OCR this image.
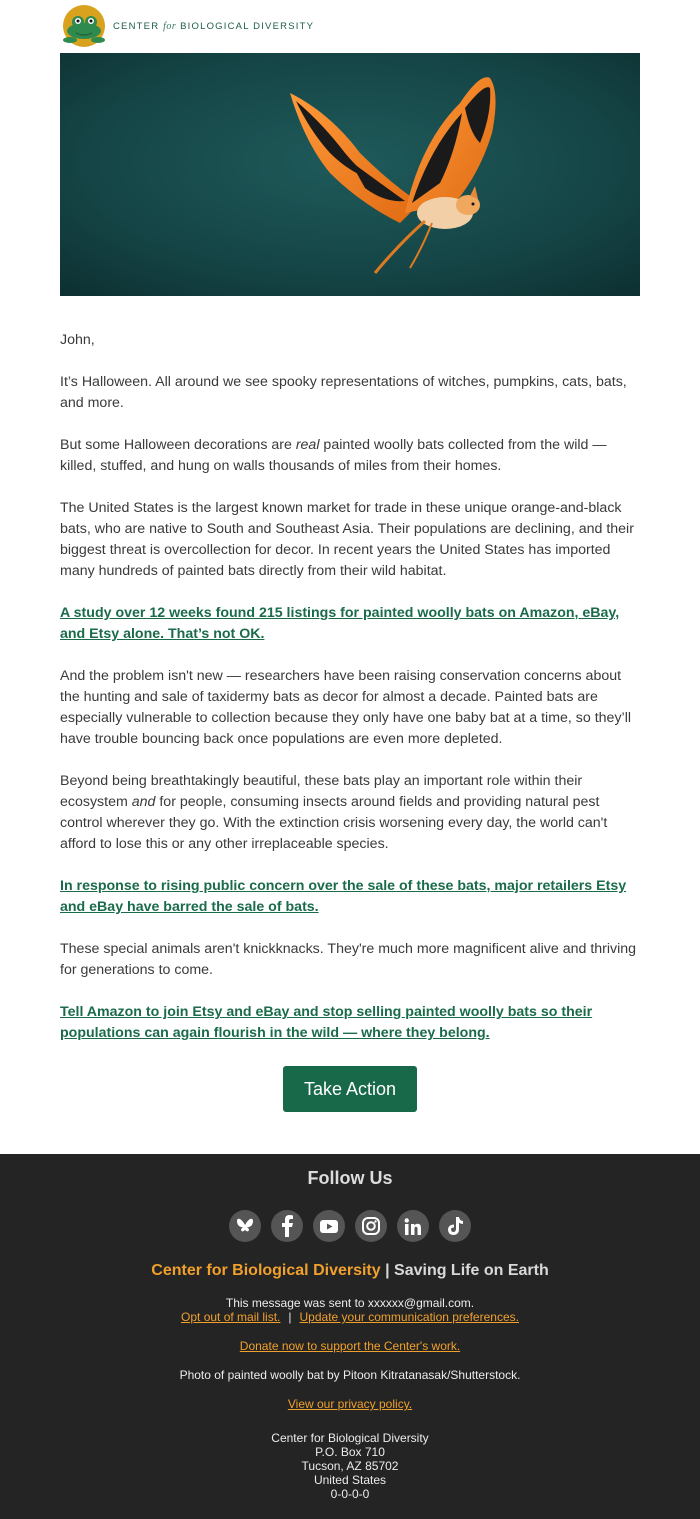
CENTER for BIOLOGICAL DIVERSITY

John,

It’s Halloween. All around we see spooky representations of witches, pumpkins, cats, bats, and more.

But some Halloween decorations are real painted woolly bats collected from the wild — killed, stuffed, and hung on walls thousands of miles from their homes.

The United States is the largest known market for trade in these unique orange-and-black bats, who are native to South and Southeast Asia. Their populations are declining, and their biggest threat is overcollection for decor. In recent years the United States has imported many hundreds of painted bats directly from their wild habitat.

A study over 12 weeks found 215 listings for painted woolly bats on Amazon, eBay, and Etsy alone. That’s not OK.

And the problem isn't new — researchers have been raising conservation concerns about the hunting and sale of taxidermy bats as decor for almost a decade. Painted bats are especially vulnerable to collection because they only have one baby bat at a time, so they’ll have trouble bouncing back once populations are even more depleted.

Beyond being breathtakingly beautiful, these bats play an important role within their ecosystem and for people, consuming insects around fields and providing natural pest control wherever they go. With the extinction crisis worsening every day, the world can't afford to lose this or any other irreplaceable species.

In response to rising public concern over the sale of these bats, major retailers Etsy and eBay have barred the sale of bats.

These special animals aren't knickknacks. They're much more magnificent alive and thriving for generations to come.

Tell Amazon to join Etsy and eBay and stop selling painted woolly bats so their populations can again flourish in the wild — where they belong.

Take Action
Follow Us
Center for Biological Diversity | Saving Life on Earth
This message was sent to xxxxxx@gmail.com.
Opt out of mail list. | Update your communication preferences.
Donate now to support the Center's work.
Photo of painted woolly bat by Pitoon Kitratanasak/Shutterstock.
View our privacy policy.
Center for Biological Diversity
P.O. Box 710
Tucson, AZ 85702
United States
0-0-0-0
